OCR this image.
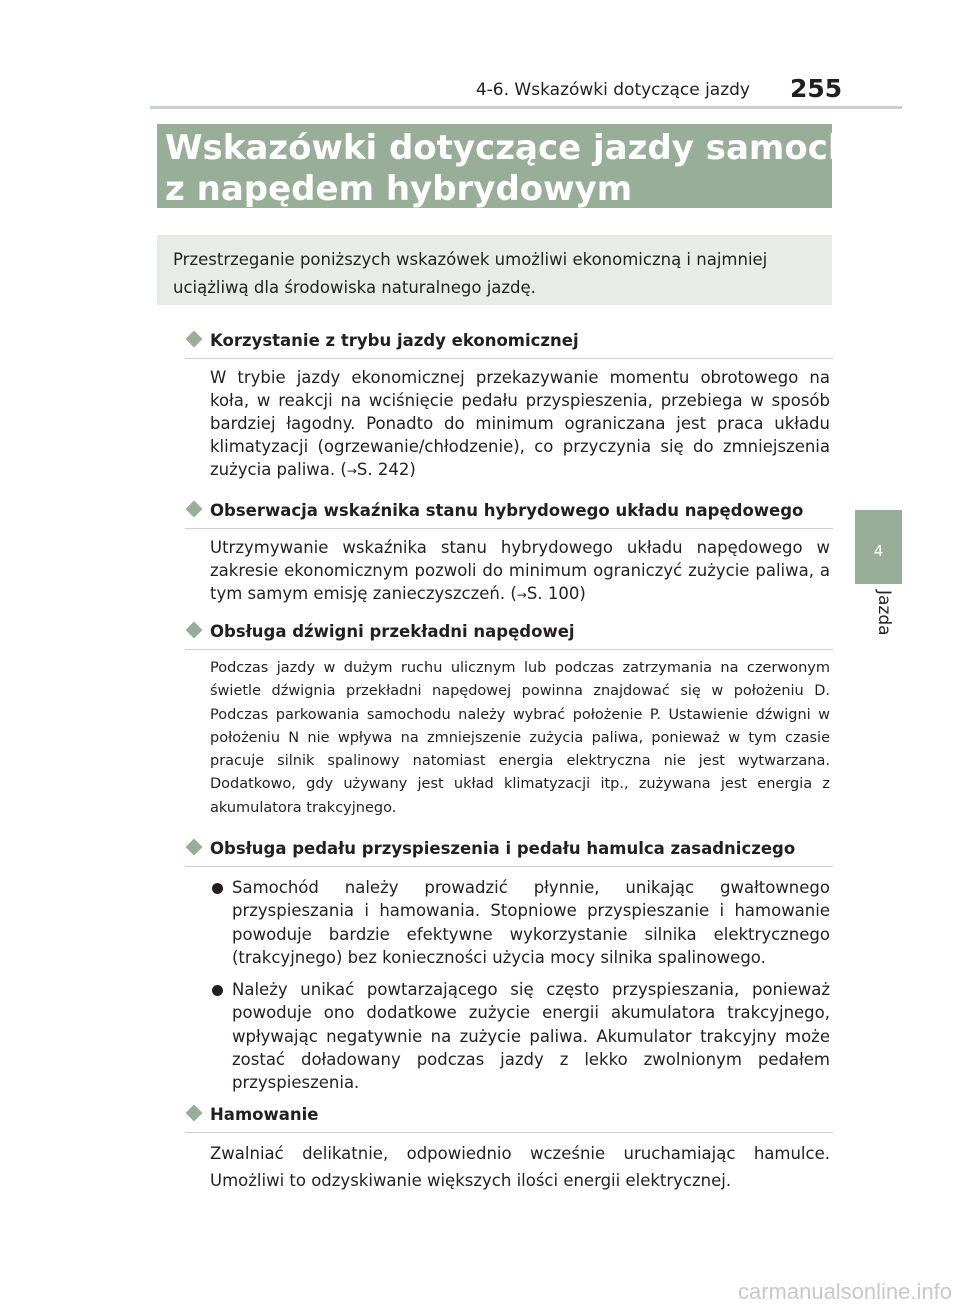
4-6. Wskazówki dotyczące jazdy 255
Wskazówki dotyczące jazdy samochodem
z napędem hybrydowym
Przestrzeganie poniższych wskazówek umożliwi ekonomiczną i najmniej
uciążliwą dla środowiska naturalnego jazdę.
4
Jazda
Korzystanie z trybu jazdy ekonomicznej
W trybie jazdy ekonomicznej przekazywanie momentu obrotowego na koła, w reakcji na wciśnięcie pedału przyspieszenia, przebiega w sposób bardziej łagodny. Ponadto do minimum ograniczana jest praca układu klimatyzacji (ogrzewanie/chłodzenie), co przyczynia się do zmniejszenia zużycia paliwa. (→S. 242)
Obserwacja wskaźnika stanu hybrydowego układu napędowego
Utrzymywanie wskaźnika stanu hybrydowego układu napędowego w zakresie ekonomicznym pozwoli do minimum ograniczyć zużycie paliwa, a tym samym emisję zanieczyszczeń. (→S. 100)
Obsługa dźwigni przekładni napędowej
Podczas jazdy w dużym ruchu ulicznym lub podczas zatrzymania na czerwonym świetle dźwignia przekładni napędowej powinna znajdować się w położeniu D. Podczas parkowania samochodu należy wybrać położenie P. Ustawienie dźwigni w położeniu N nie wpływa na zmniejszenie zużycia paliwa, ponieważ w tym czasie pracuje silnik spalinowy natomiast energia elektryczna nie jest wytwarzana. Dodatkowo, gdy używany jest układ klimatyzacji itp., zużywana jest energia z akumulatora trakcyjnego.
Obsługa pedału przyspieszenia i pedału hamulca zasadniczego
Samochód należy prowadzić płynnie, unikając gwałtownego przyspieszania i hamowania. Stopniowe przyspieszanie i hamowanie powoduje bardzie efektywne wykorzystanie silnika elektrycznego (trakcyjnego) bez konieczności użycia mocy silnika spalinowego.
Należy unikać powtarzającego się często przyspieszania, ponieważ powoduje ono dodatkowe zużycie energii akumulatora trakcyjnego, wpływając negatywnie na zużycie paliwa. Akumulator trakcyjny może zostać doładowany podczas jazdy z lekko zwolnionym pedałem przyspieszenia.
Hamowanie
Zwalniać delikatnie, odpowiednio wcześnie uruchamiając hamulce. Umożliwi to odzyskiwanie większych ilości energii elektrycznej.
carmanualsonline.info
